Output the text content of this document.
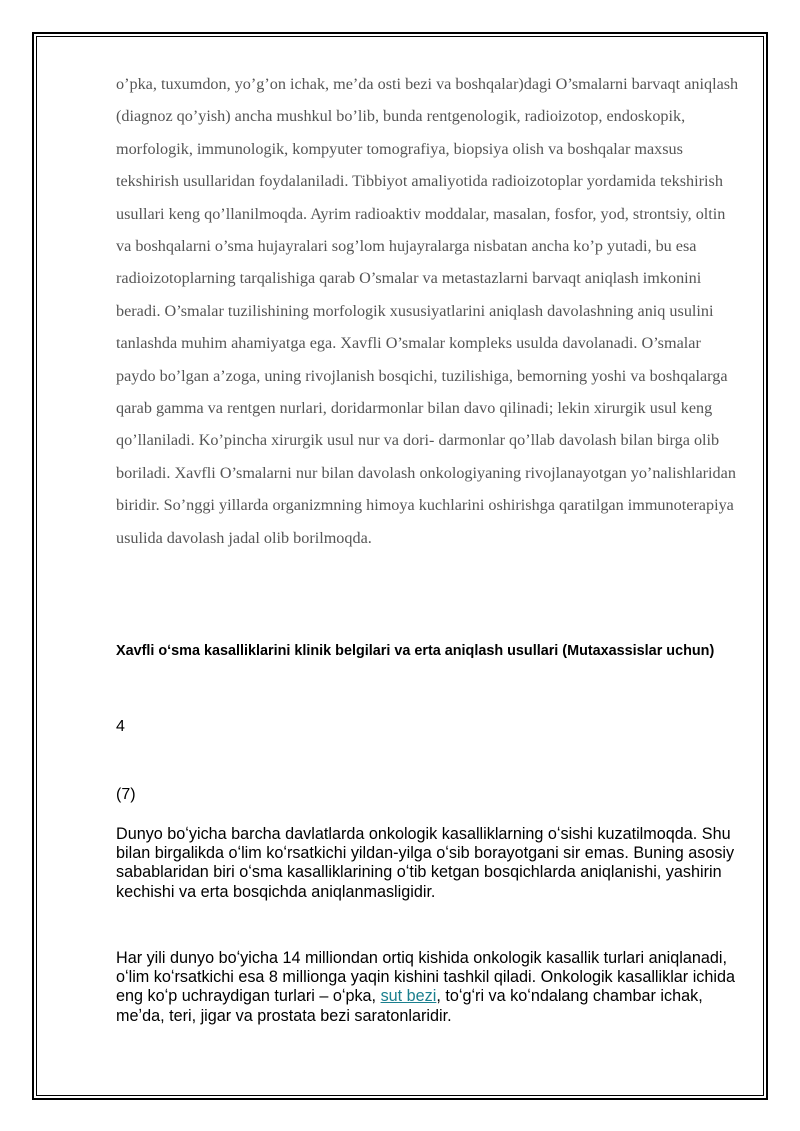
o’pka, tuxumdon, yo’g’on ichak, me’da osti bezi va boshqalar)dagi O’smalarni barvaqt aniqlash (diagnoz qo’yish) ancha mushkul bo’lib, bunda rentgenologik, radioizotop, endoskopik, morfologik, immunologik, kompyuter tomografiya, biopsiya olish va boshqalar maxsus tekshirish usullaridan foydalaniladi. Tibbiyot amaliyotida radioizotoplar yordamida tekshirish usullari keng qo’llanilmoqda. Ayrim radioaktiv moddalar, masalan, fosfor, yod, strontsiy, oltin va boshqalarni o’sma hujayralari sog’lom hujayralarga nisbatan ancha ko’p yutadi, bu esa radioizotoplarning tarqalishiga qarab O’smalar va metastazlarni barvaqt aniqlash imkonini beradi. O’smalar tuzilishining morfologik xususiyatlarini aniqlash davolashning aniq usulini tanlashda muhim ahamiyatga ega. Xavfli O’smalar kompleks usulda davolanadi. O’smalar paydo bo’lgan a’zoga, uning rivojlanish bosqichi, tuzilishiga, bemorning yoshi va boshqalarga qarab gamma va rentgen nurlari, doridarmonlar bilan davo qilinadi; lekin xirurgik usul keng qo’llaniladi. Ko’pincha xirurgik usul nur va dori- darmonlar qo’llab davolash bilan birga olib boriladi. Xavfli O’smalarni nur bilan davolash onkologiyaning rivojlanayotgan yo’nalishlaridan biridir. So’nggi yillarda organizmning himoya kuchlarini oshirishga qaratilgan immunoterapiya usulida davolash jadal olib borilmoqda.

Xavfli oʻsma kasalliklarini klinik belgilari va erta aniqlash usullari (Mutaxassislar uchun)

4

(7)

Dunyo boʻyicha barcha davlatlarda onkologik kasalliklarning oʻsishi kuzatilmoqda. Shu bilan birgalikda oʻlim koʻrsatkichi yildan-yilga oʻsib borayotgani sir emas. Buning asosiy sabablaridan biri oʻsma kasalliklarining oʻtib ketgan bosqichlarda aniqlanishi, yashirin kechishi va erta bosqichda aniqlanmasligidir.

Har yili dunyo boʻyicha 14 milliondan ortiq kishida onkologik kasallik turlari aniqlanadi, oʻlim koʻrsatkichi esa 8 millionga yaqin kishini tashkil qiladi. Onkologik kasalliklar ichida eng koʻp uchraydigan turlari – oʻpka, sut bezi, toʻgʻri va koʻndalang chambar ichak, meʼda, teri, jigar va prostata bezi saratonlaridir.
